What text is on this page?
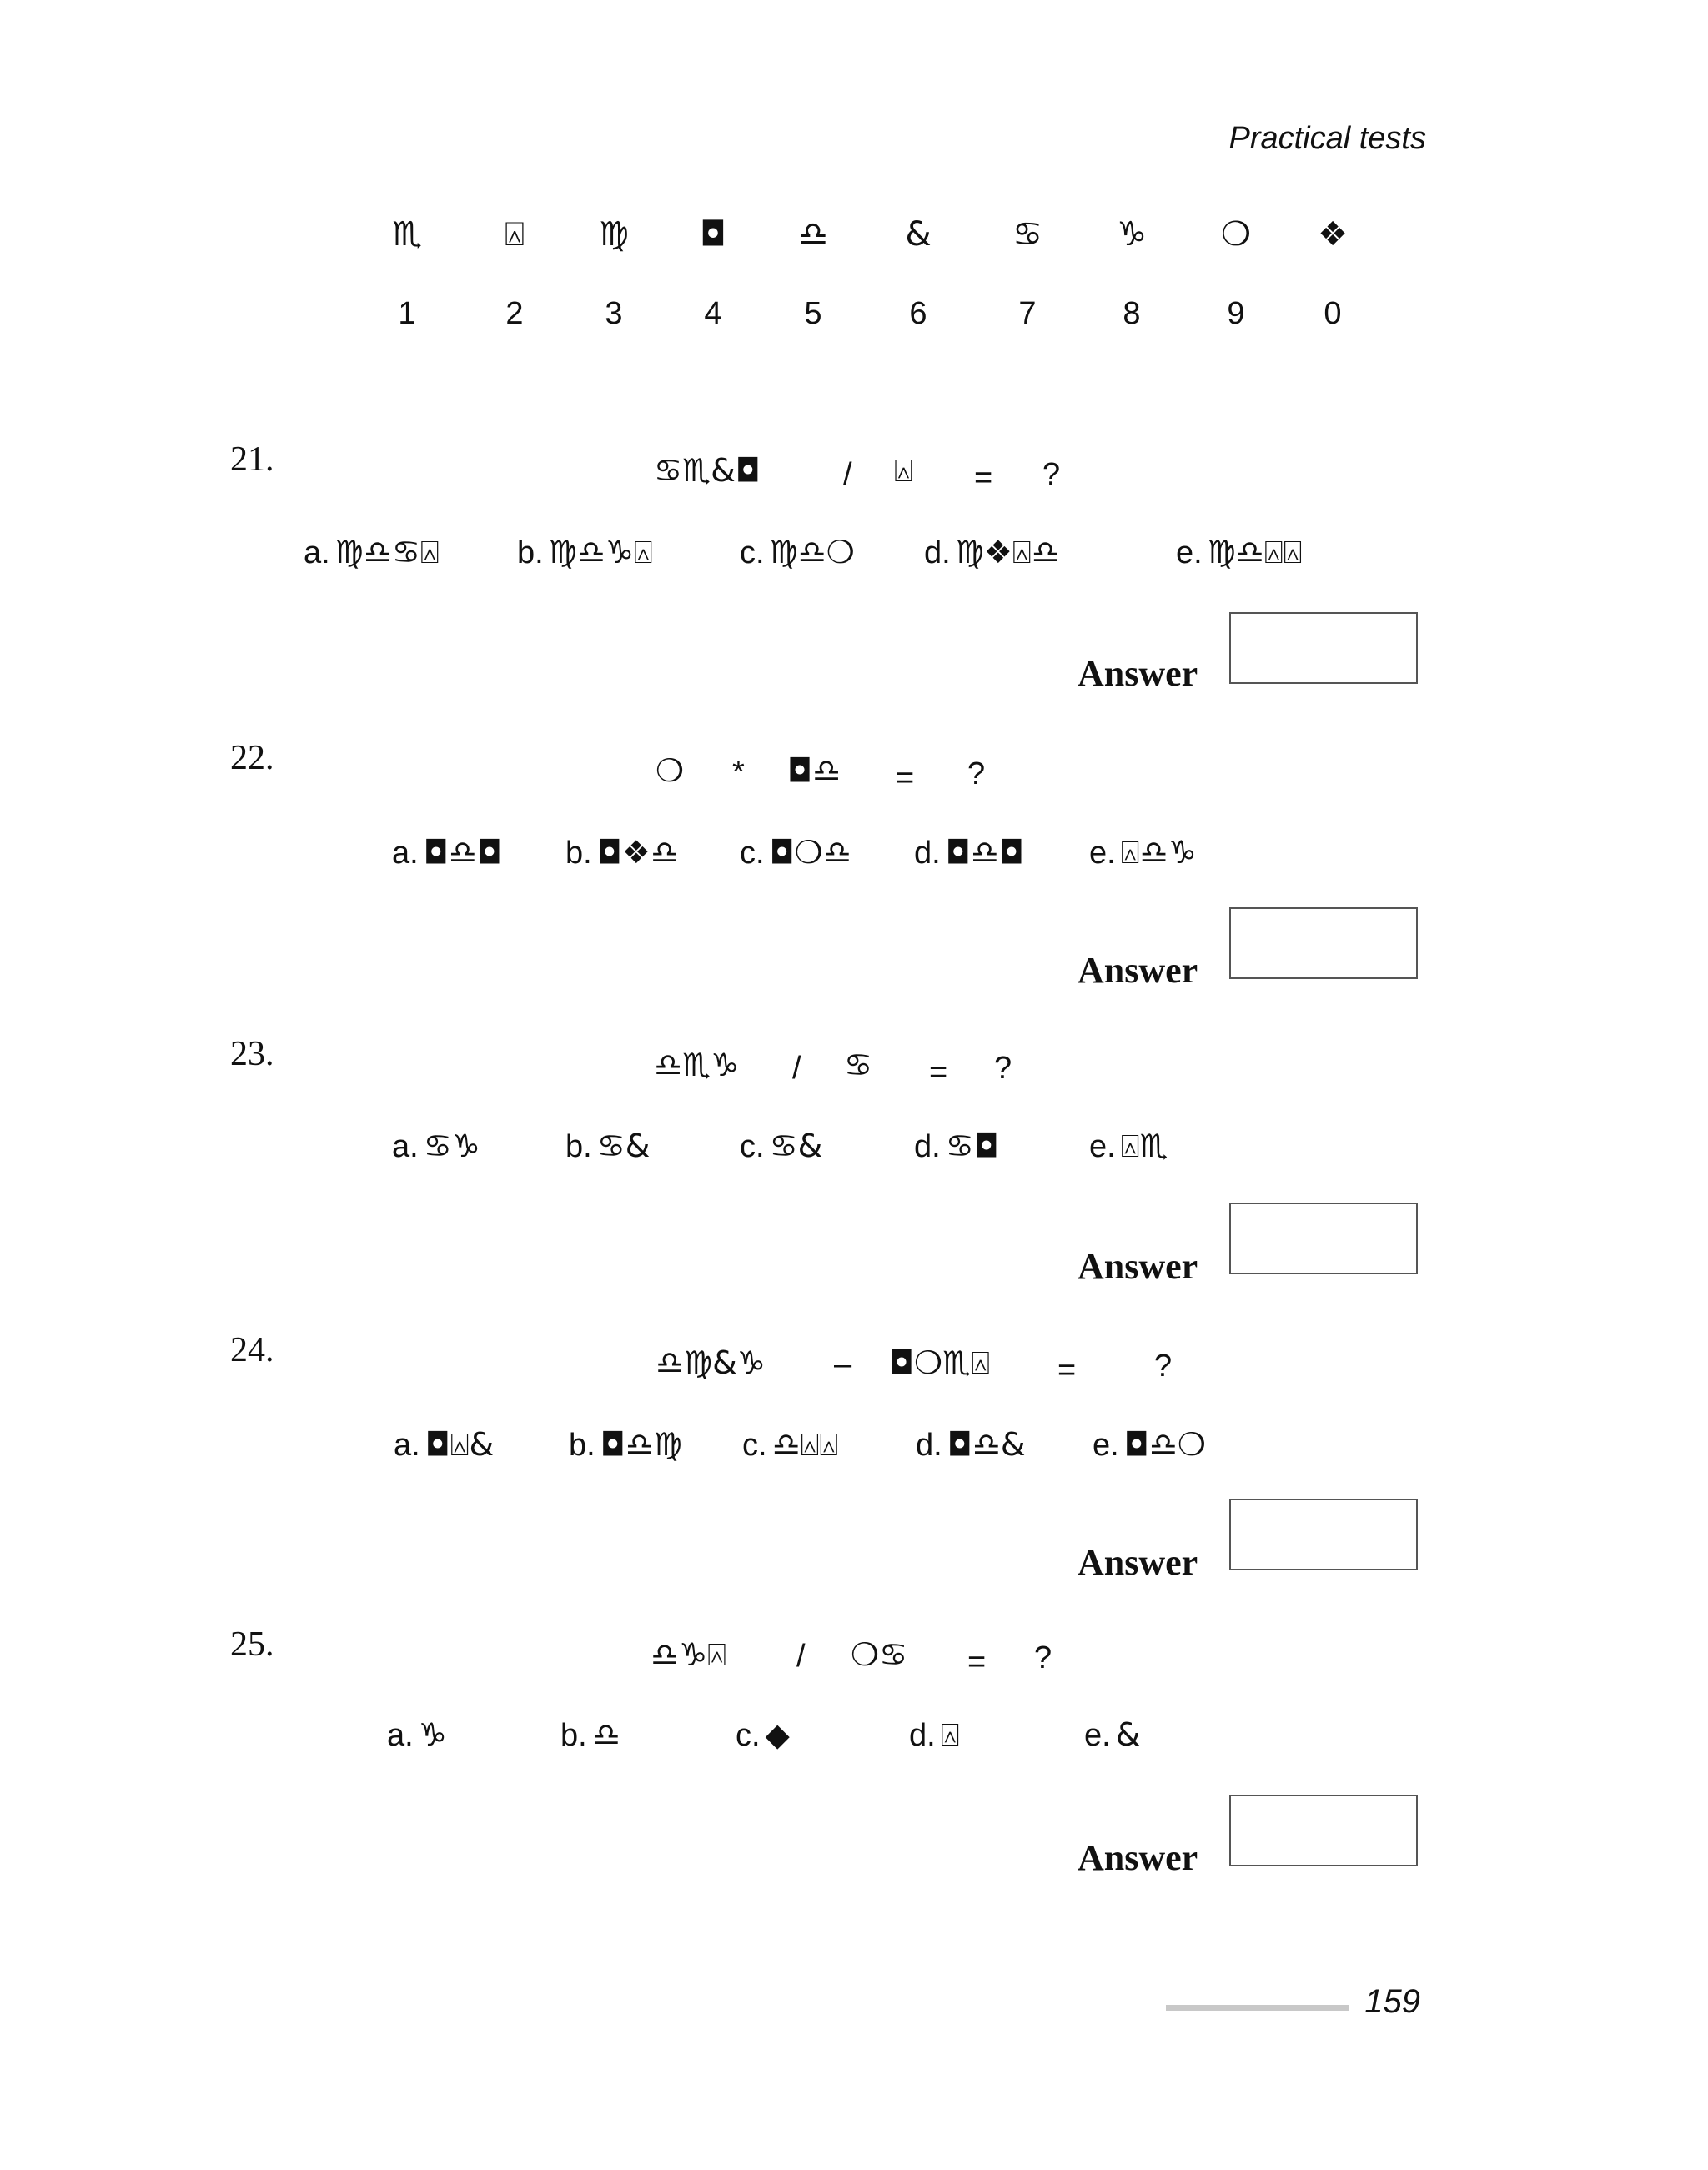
Practical tests
♏	⍓	♍	◘	♎	&	♋	♑	❍	❖
1	2	3	4	5	6	7	8	9	0
21.	♋♏&◘	/ ⍓ = ?
a. ♍♎♋⍓ b. ♍♎♑⍓	c. ♍♎❍ d. ♍❖⍓♎	e. ♍♎⍓⍓
Answer
22.	❍ * ◘♎ = ?
a. ◘♎◘ b. ◘❖♎ c. ◘❍♎ d. ◘♎◘ e. ⍓♎♑
Answer
23.	♎♏♑ / ♋ = ?
a. ♋♑	b. ♋&	c. ♋&	d. ♋◘	e. ⍓♏
Answer
24.	♎♍&♑ – ◘❍♏⍓ = ?
a. ◘⍓& b. ◘♎♍ c. ♎⍓⍓ d. ◘♎& e. ◘♎❍
Answer
25.	♎♑⍓ / ❍♋ = ?
a. ♑	b. ♎	c. ◆	d. ⍓	e. &
Answer
159
